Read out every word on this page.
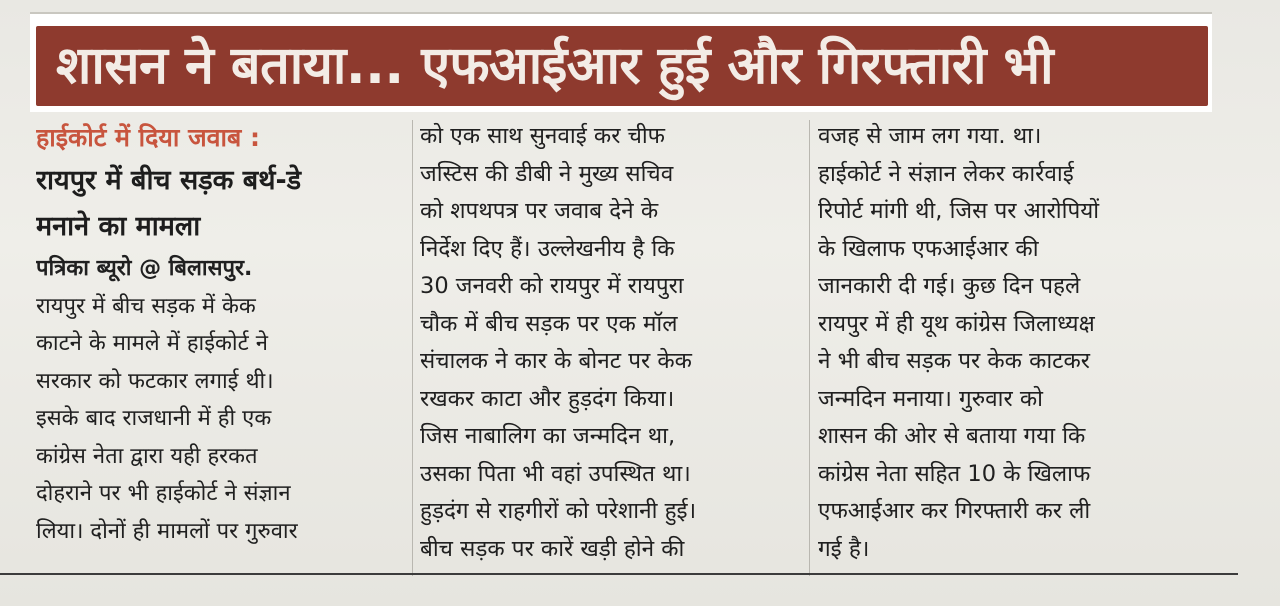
शासन ने बताया... एफआईआर हुई और गिरफ्तारी भी
हाईकोर्ट में दिया जवाब :
रायपुर में बीच सड़क बर्थ-डे
मनाने का मामला
पत्रिका ब्यूरो @ बिलासपुर.
रायपुर में बीच सड़क में केक
काटने के मामले में हाईकोर्ट ने
सरकार को फटकार लगाई थी।
इसके बाद राजधानी में ही एक
कांग्रेस नेता द्वारा यही हरकत
दोहराने पर भी हाईकोर्ट ने संज्ञान
लिया। दोनों ही मामलों पर गुरुवार
को एक साथ सुनवाई कर चीफ
जस्टिस की डीबी ने मुख्य सचिव
को शपथपत्र पर जवाब देने के
निर्देश दिए हैं। उल्लेखनीय है कि
30 जनवरी को रायपुर में रायपुरा
चौक में बीच सड़क पर एक मॉल
संचालक ने कार के बोनट पर केक
रखकर काटा और हुड़दंग किया।
जिस नाबालिग का जन्मदिन था,
उसका पिता भी वहां उपस्थित था।
हुड़दंग से राहगीरों को परेशानी हुई।
बीच सड़क पर कारें खड़ी होने की
वजह से जाम लग गया. था।
हाईकोर्ट ने संज्ञान लेकर कार्रवाई
रिपोर्ट मांगी थी, जिस पर आरोपियों
के खिलाफ एफआईआर की
जानकारी दी गई। कुछ दिन पहले
रायपुर में ही यूथ कांग्रेस जिलाध्यक्ष
ने भी बीच सड़क पर केक काटकर
जन्मदिन मनाया। गुरुवार को
शासन की ओर से बताया गया कि
कांग्रेस नेता सहित 10 के खिलाफ
एफआईआर कर गिरफ्तारी कर ली
गई है।
